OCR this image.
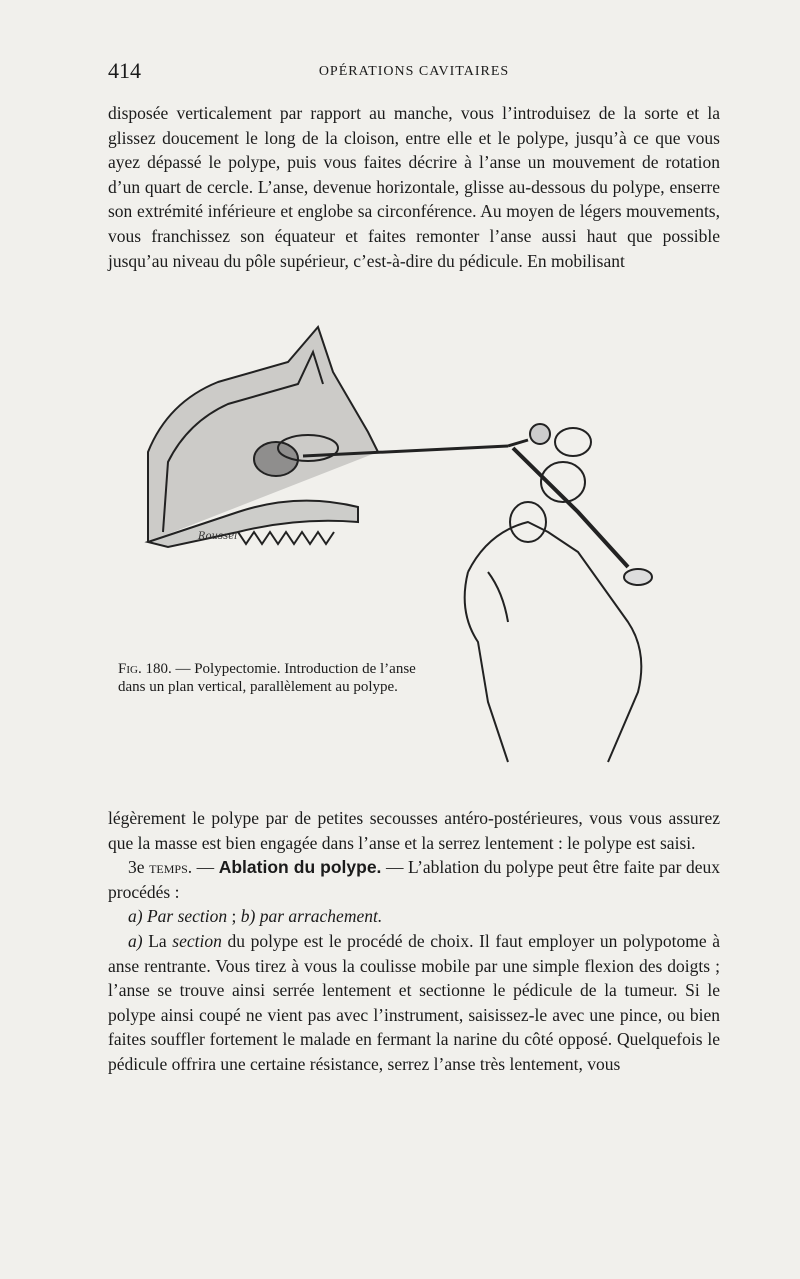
414	OPÉRATIONS CAVITAIRES

disposée verticalement par rapport au manche, vous l’introduisez de la sorte et la glissez doucement le long de la cloison, entre elle et le polype, jusqu’à ce que vous ayez dépassé le polype, puis vous faites décrire à l’anse un mouvement de rotation d’un quart de cercle. L’anse, devenue horizontale, glisse au-dessous du polype, enserre son extrémité inférieure et englobe sa circonférence. Au moyen de légers mouvements, vous franchissez son équateur et faites remonter l’anse aussi haut que possible jusqu’au niveau du pôle supérieur, c’est-à-dire du pédicule. En mobilisant

Roussel
Fig. 180. — Polypectomie. Introduction de l’anse dans un plan vertical, parallèlement au polype.

légèrement le polype par de petites secousses antéro-postérieures, vous vous assurez que la masse est bien engagée dans l’anse et la serrez lentement : le polype est saisi.

3e temps. — Ablation du polype. — L’ablation du polype peut être faite par deux procédés :

a) Par section ; b) par arrachement.

a) La section du polype est le procédé de choix. Il faut employer un polypotome à anse rentrante. Vous tirez à vous la coulisse mobile par une simple flexion des doigts ; l’anse se trouve ainsi serrée lentement et sectionne le pédicule de la tumeur. Si le polype ainsi coupé ne vient pas avec l’instrument, saisissez-le avec une pince, ou bien faites souffler fortement le malade en fermant la narine du côté opposé. Quelquefois le pédicule offrira une certaine résistance, serrez l’anse très lentement, vous
